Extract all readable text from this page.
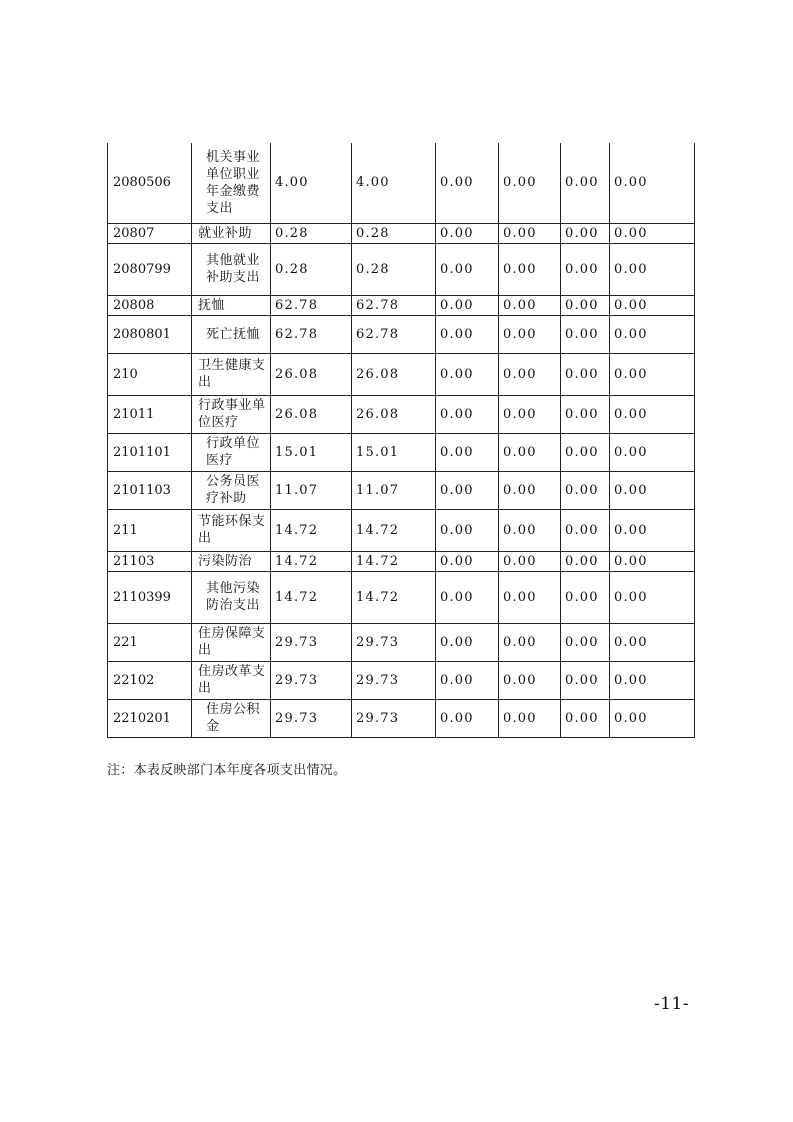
2080506	机关事业单位职业年金缴费支出	4.00	4.00	0.00	0.00	0.00	0.00
20807	就业补助	0.28	0.28	0.00	0.00	0.00	0.00
2080799	其他就业补助支出	0.28	0.28	0.00	0.00	0.00	0.00
20808	抚恤	62.78	62.78	0.00	0.00	0.00	0.00
2080801	死亡抚恤	62.78	62.78	0.00	0.00	0.00	0.00
210	卫生健康支出	26.08	26.08	0.00	0.00	0.00	0.00
21011	行政事业单位医疗	26.08	26.08	0.00	0.00	0.00	0.00
2101101	行政单位医疗	15.01	15.01	0.00	0.00	0.00	0.00
2101103	公务员医疗补助	11.07	11.07	0.00	0.00	0.00	0.00
211	节能环保支出	14.72	14.72	0.00	0.00	0.00	0.00
21103	污染防治	14.72	14.72	0.00	0.00	0.00	0.00
2110399	其他污染防治支出	14.72	14.72	0.00	0.00	0.00	0.00
221	住房保障支出	29.73	29.73	0.00	0.00	0.00	0.00
22102	住房改革支出	29.73	29.73	0.00	0.00	0.00	0.00
2210201	住房公积金	29.73	29.73	0.00	0.00	0.00	0.00
注：本表反映部门本年度各项支出情况。
-11-
